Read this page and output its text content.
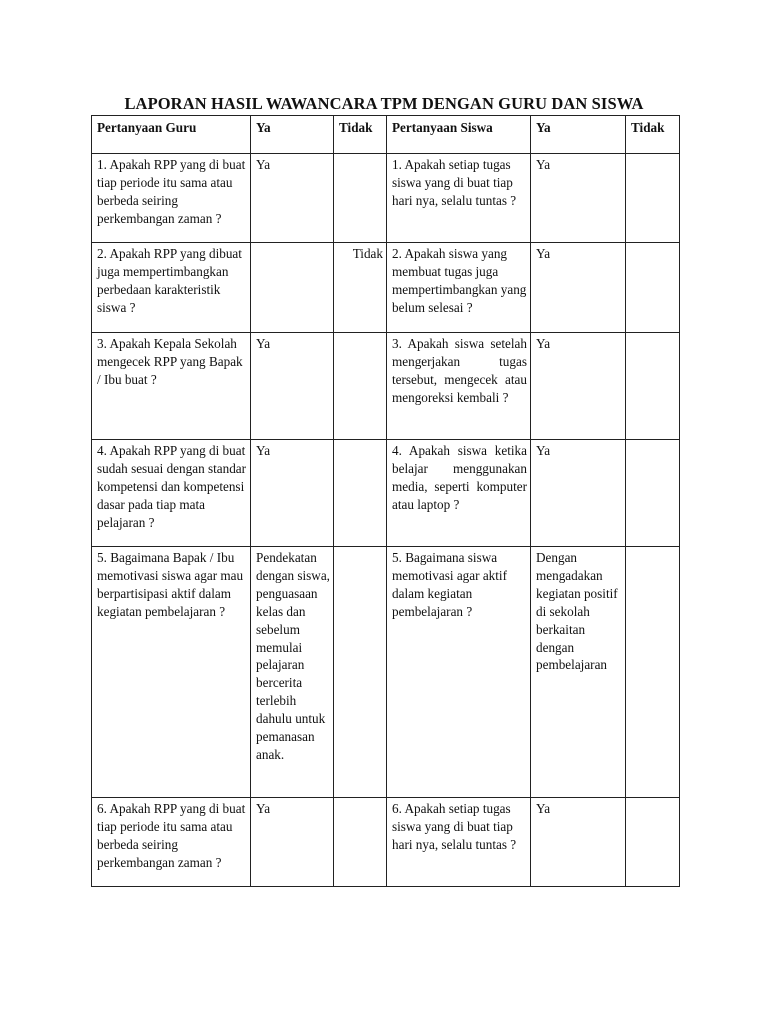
LAPORAN HASIL WAWANCARA TPM DENGAN GURU DAN SISWA
Pertanyaan Guru	Ya	Tidak	Pertanyaan Siswa	Ya	Tidak
1. Apakah RPP yang di buat tiap periode itu sama atau berbeda seiring perkembangan zaman ?	Ya		1. Apakah setiap tugas siswa yang di buat tiap hari nya, selalu tuntas ?	Ya	
2. Apakah RPP yang dibuat juga mempertimbangkan perbedaan karakteristik siswa ?		Tidak	2. Apakah siswa yang membuat tugas juga mempertimbangkan yang belum selesai ?	Ya	
3. Apakah Kepala Sekolah mengecek RPP yang Bapak / Ibu buat ?	Ya		3. Apakah siswa setelah mengerjakan tugas tersebut, mengecek atau mengoreksi kembali ?	Ya	
4. Apakah RPP yang di buat sudah sesuai dengan standar kompetensi dan kompetensi dasar pada tiap mata pelajaran ?	Ya		4. Apakah siswa ketika belajar menggunakan media, seperti komputer atau laptop ?	Ya	
5. Bagaimana Bapak / Ibu memotivasi siswa agar mau berpartisipasi aktif dalam kegiatan pembelajaran ?	Pendekatan dengan siswa, penguasaan kelas dan sebelum memulai pelajaran bercerita terlebih dahulu untuk pemanasan anak.		5. Bagaimana siswa memotivasi agar aktif dalam kegiatan pembelajaran ?	Dengan mengadakan kegiatan positif di sekolah berkaitan dengan pembelajaran	
6. Apakah RPP yang di buat tiap periode itu sama atau berbeda seiring perkembangan zaman ?	Ya		6. Apakah setiap tugas siswa yang di buat tiap hari nya, selalu tuntas ?	Ya	
